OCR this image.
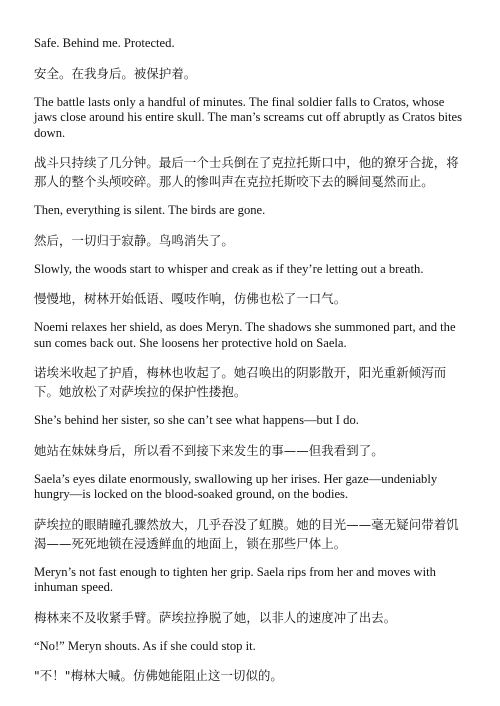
Safe. Behind me. Protected.

安全。在我身后。被保护着。

The battle lasts only a handful of minutes. The final soldier falls to Cratos, whose jaws close around his entire skull. The man’s screams cut off abruptly as Cratos bites down.

战斗只持续了几分钟。最后一个士兵倒在了克拉托斯口中，他的獠牙合拢，将那人的整个头颅咬碎。那人的惨叫声在克拉托斯咬下去的瞬间戛然而止。

Then, everything is silent. The birds are gone.

然后，一切归于寂静。鸟鸣消失了。

Slowly, the woods start to whisper and creak as if they’re letting out a breath.

慢慢地，树林开始低语、嘎吱作响，仿佛也松了一口气。

Noemi relaxes her shield, as does Meryn. The shadows she summoned part, and the sun comes back out. She loosens her protective hold on Saela.

诺埃米收起了护盾，梅林也收起了。她召唤出的阴影散开，阳光重新倾泻而下。她放松了对萨埃拉的保护性搂抱。

She’s behind her sister, so she can’t see what happens—but I do.

她站在妹妹身后，所以看不到接下来发生的事——但我看到了。

Saela’s eyes dilate enormously, swallowing up her irises. Her gaze—undeniably hungry—is locked on the blood-soaked ground, on the bodies.

萨埃拉的眼睛瞳孔骤然放大，几乎吞没了虹膜。她的目光——毫无疑问带着饥渴——死死地锁在浸透鲜血的地面上，锁在那些尸体上。

Meryn’s not fast enough to tighten her grip. Saela rips from her and moves with inhuman speed.

梅林来不及收紧手臂。萨埃拉挣脱了她，以非人的速度冲了出去。

“No!” Meryn shouts. As if she could stop it.

"不！"梅林大喊。仿佛她能阻止这一切似的。
